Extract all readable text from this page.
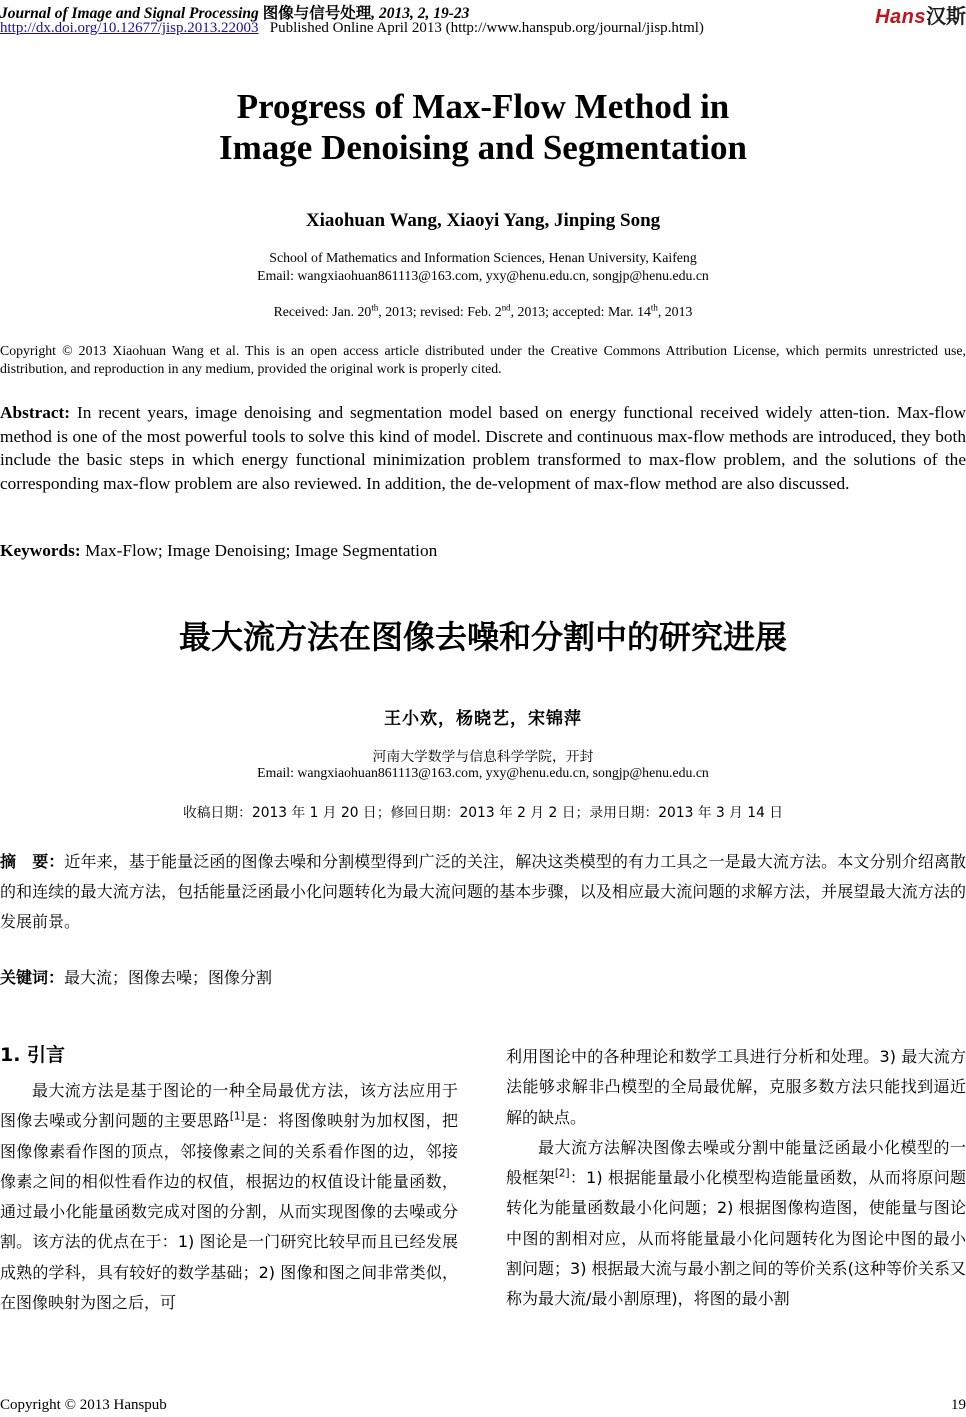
Journal of Image and Signal Processing 图像与信号处理, 2013, 2, 19-23
http://dx.doi.org/10.12677/jisp.2013.22003 Published Online April 2013 (http://www.hanspub.org/journal/jisp.html)	Hans汉斯
Progress of Max-Flow Method in
Image Denoising and Segmentation
Xiaohuan Wang, Xiaoyi Yang, Jinping Song
School of Mathematics and Information Sciences, Henan University, Kaifeng
Email: wangxiaohuan861113@163.com, yxy@henu.edu.cn, songjp@henu.edu.cn
Received: Jan. 20th, 2013; revised: Feb. 2nd, 2013; accepted: Mar. 14th, 2013
Copyright © 2013 Xiaohuan Wang et al. This is an open access article distributed under the Creative Commons Attribution License, which permits unrestricted use, distribution, and reproduction in any medium, provided the original work is properly cited.
Abstract: In recent years, image denoising and segmentation model based on energy functional received widely atten-tion. Max-flow method is one of the most powerful tools to solve this kind of model. Discrete and continuous max-flow methods are introduced, they both include the basic steps in which energy functional minimization problem transformed to max-flow problem, and the solutions of the corresponding max-flow problem are also reviewed. In addition, the de-velopment of max-flow method are also discussed.
Keywords: Max-Flow; Image Denoising; Image Segmentation
最大流方法在图像去噪和分割中的研究进展
王小欢，杨晓艺，宋锦萍
河南大学数学与信息科学学院，开封
Email: wangxiaohuan861113@163.com, yxy@henu.edu.cn, songjp@henu.edu.cn
收稿日期：2013 年 1 月 20 日；修回日期：2013 年 2 月 2 日；录用日期：2013 年 3 月 14 日
摘　要：近年来，基于能量泛函的图像去噪和分割模型得到广泛的关注，解决这类模型的有力工具之一是最大流方法。本文分别介绍离散的和连续的最大流方法，包括能量泛函最小化问题转化为最大流问题的基本步骤，以及相应最大流问题的求解方法，并展望最大流方法的发展前景。
关键词：最大流；图像去噪；图像分割
1. 引言

最大流方法是基于图论的一种全局最优方法，该方法应用于图像去噪或分割问题的主要思路[1]是：将图像映射为加权图，把图像像素看作图的顶点，邻接像素之间的关系看作图的边，邻接像素之间的相似性看作边的权值，根据边的权值设计能量函数，通过最小化能量函数完成对图的分割，从而实现图像的去噪或分割。该方法的优点在于：1) 图论是一门研究比较早而且已经发展成熟的学科，具有较好的数学基础；2) 图像和图之间非常类似，在图像映射为图之后，可

利用图论中的各种理论和数学工具进行分析和处理。3) 最大流方法能够求解非凸模型的全局最优解，克服多数方法只能找到逼近解的缺点。

最大流方法解决图像去噪或分割中能量泛函最小化模型的一般框架[2]：1) 根据能量最小化模型构造能量函数，从而将原问题转化为能量函数最小化问题；2) 根据图像构造图，使能量与图论中图的割相对应，从而将能量最小化问题转化为图论中图的最小割问题；3) 根据最大流与最小割之间的等价关系(这种等价关系又称为最大流/最小割原理)，将图的最小割

Copyright © 2013 Hanspub	19
